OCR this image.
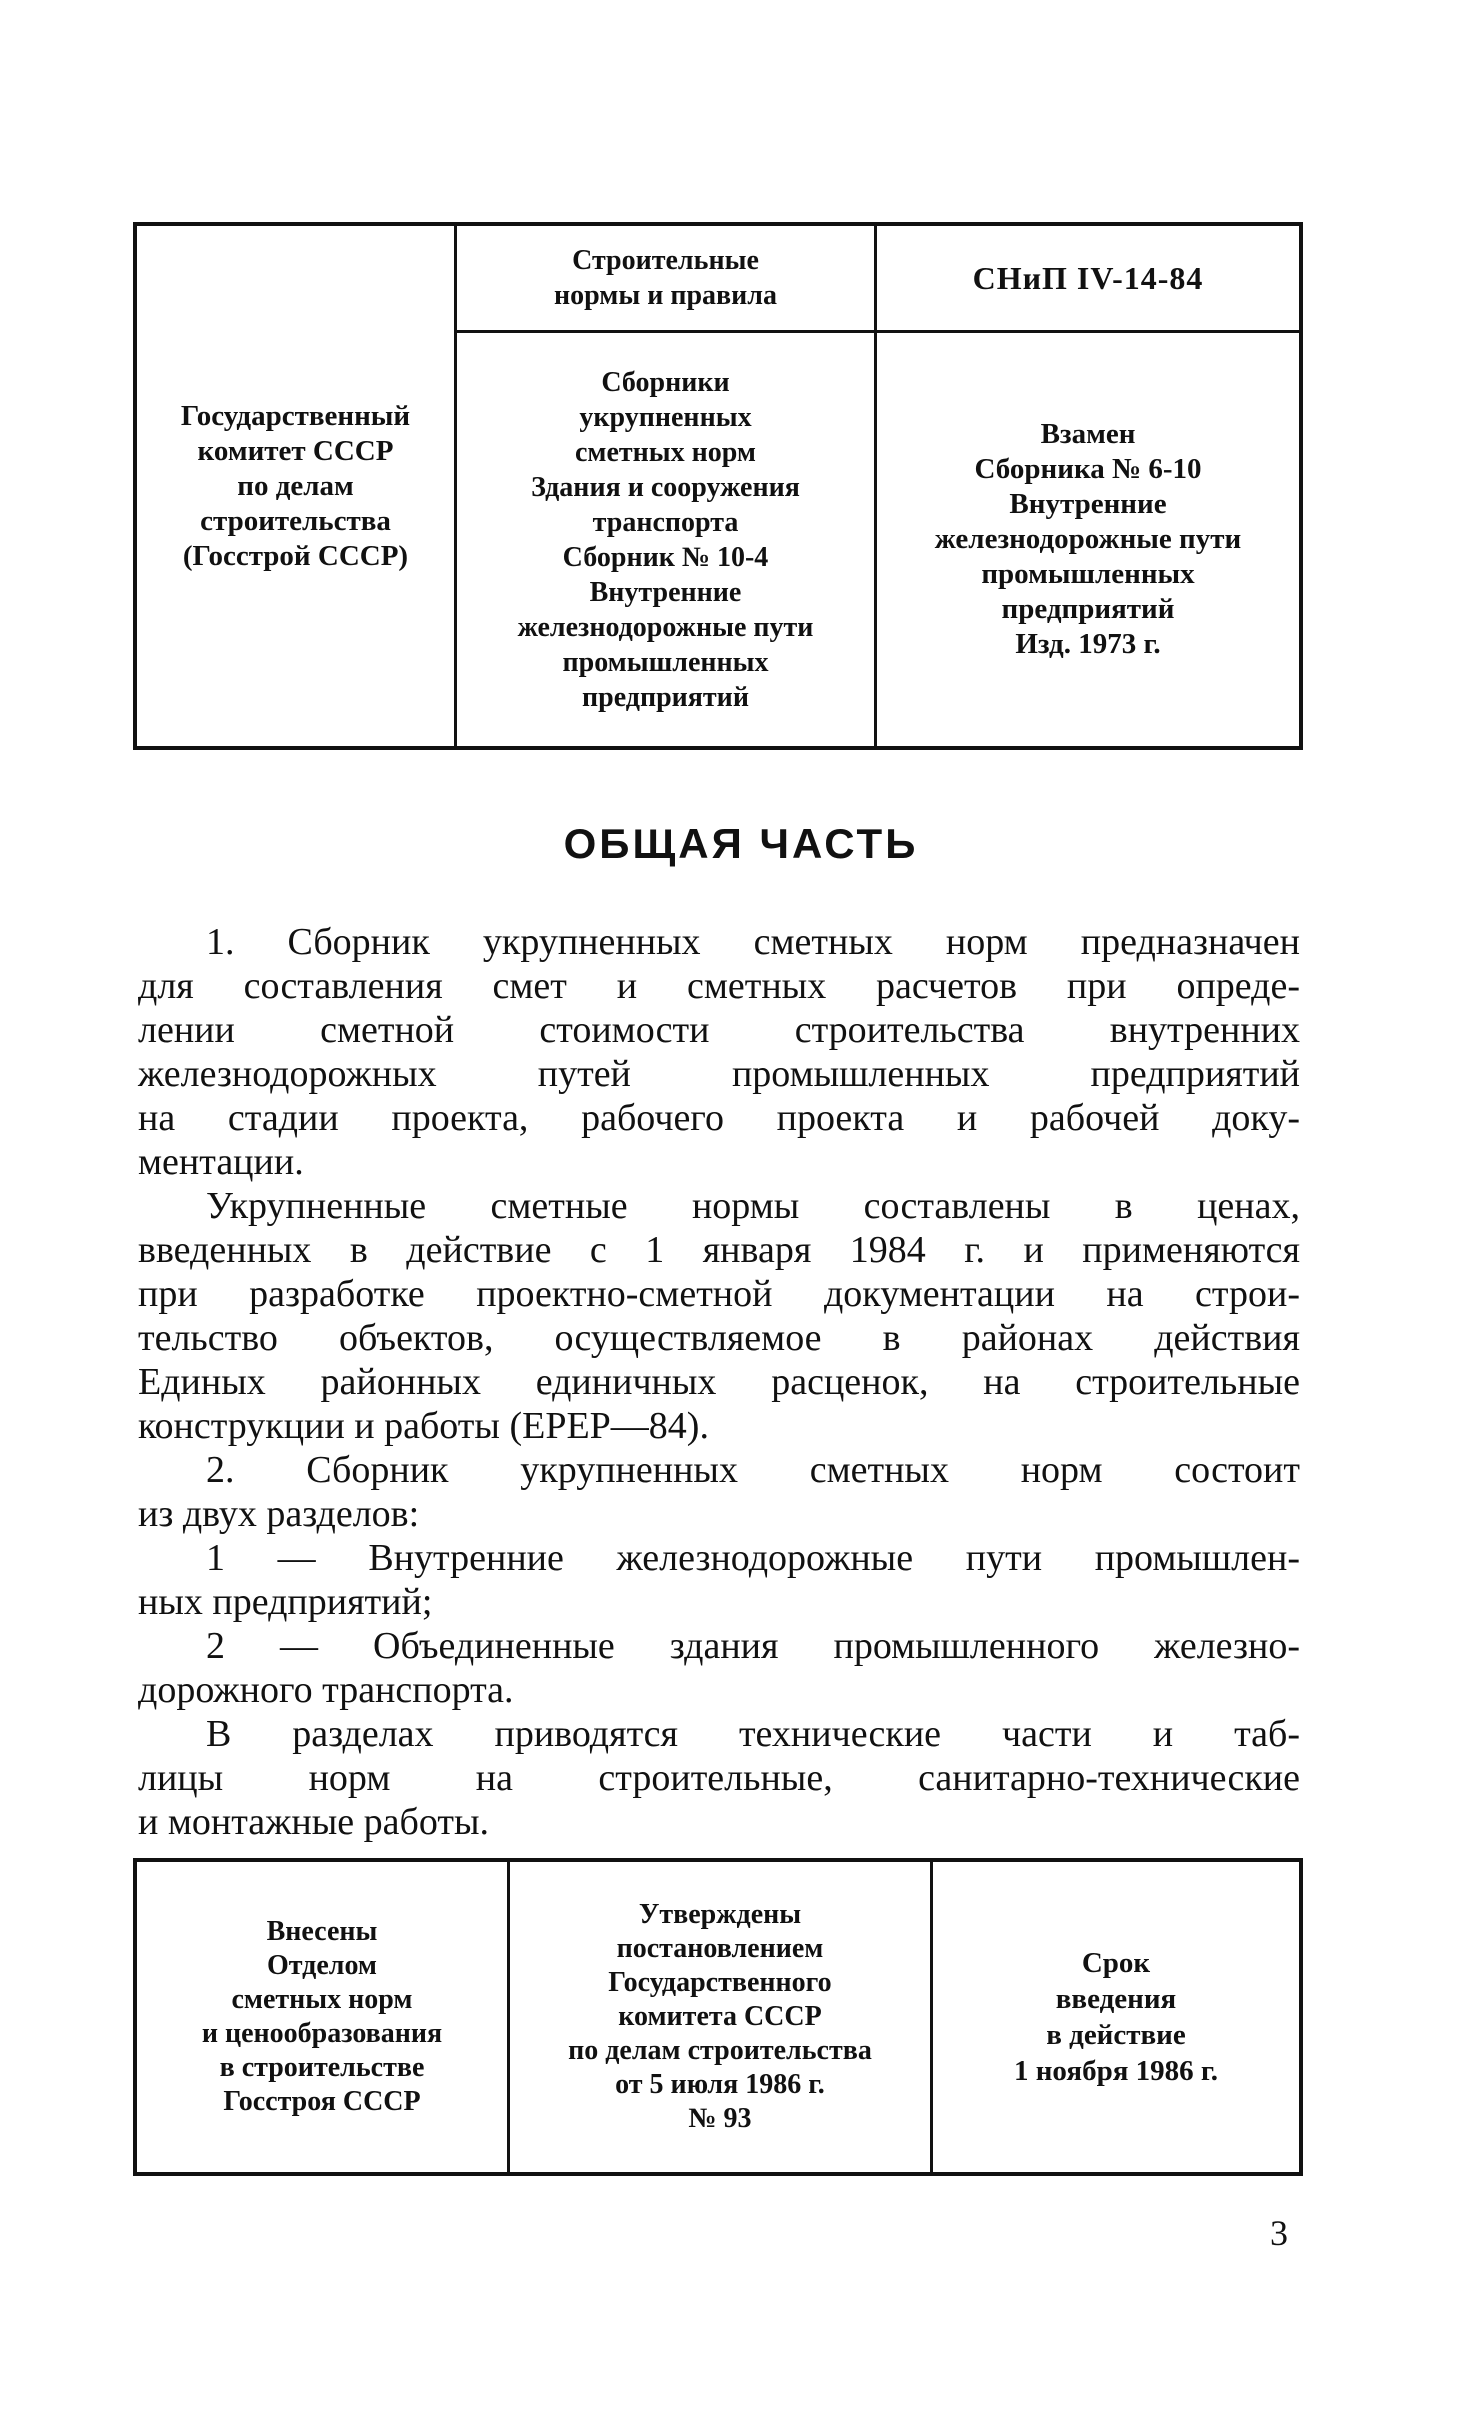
Государственный
комитет СССР
по делам
строительства
(Госстрой СССР)
Строительные
нормы и правила	СНиП IV-14-84
Сборники
укрупненных
сметных норм
Здания и сооружения
транспорта
Сборник № 10-4
Внутренние
железнодорожные пути
промышленных
предприятий
Взамен
Сборника № 6-10
Внутренние
железнодорожные пути
промышленных
предприятий
Изд. 1973 г.
ОБЩАЯ ЧАСТЬ
1. Сборник укрупненных сметных норм предназначен
для составления смет и сметных расчетов при опреде-
лении сметной стоимости строительства внутренних
железнодорожных путей промышленных предприятий
на стадии проекта, рабочего проекта и рабочей доку-
ментации.
Укрупненные сметные нормы составлены в ценах,
введенных в действие с 1 января 1984 г. и применяются
при разработке проектно-сметной документации на строи-
тельство объектов, осуществляемое в районах действия
Единых районных единичных расценок, на строительные
конструкции и работы (ЕРЕР—84).
2. Сборник укрупненных сметных норм состоит
из двух разделов:
1 — Внутренние железнодорожные пути промышлен-
ных предприятий;
2 — Объединенные здания промышленного железно-
дорожного транспорта.
В разделах приводятся технические части и таб-
лицы норм на строительные, санитарно-технические
и монтажные работы.
Внесены
Отделом
сметных норм
и ценообразования
в строительстве
Госстроя СССР
Утверждены
постановлением
Государственного
комитета СССР
по делам строительства
от 5 июля 1986 г.
№ 93
Срок
введения
в действие
1 ноября 1986 г.
3
